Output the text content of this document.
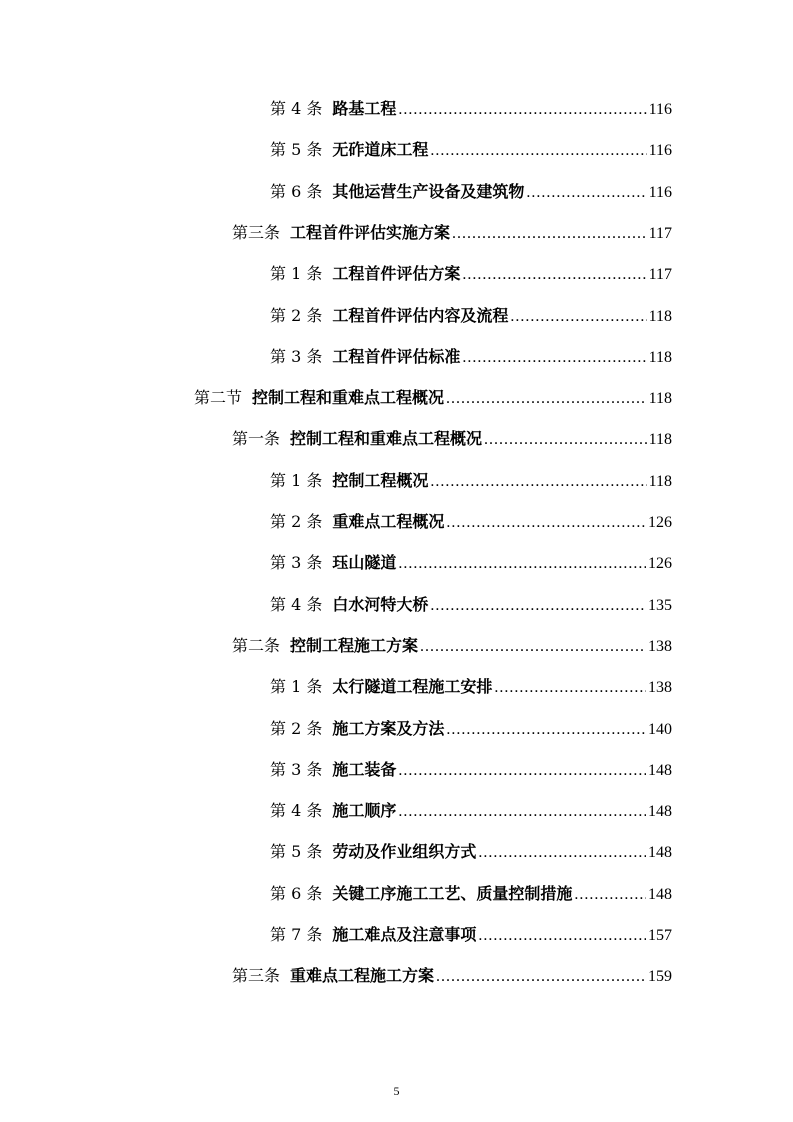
第 4 条 路基工程 .....	116
第 5 条 无砟道床工程 .....	116
第 6 条 其他运营生产设备及建筑物 .....	116
第三条 工程首件评估实施方案 .....	117
第 1 条 工程首件评估方案 .....	117
第 2 条 工程首件评估内容及流程 .....	118
第 3 条 工程首件评估标准 .....	118
第二节 控制工程和重难点工程概况 .....	118
第一条 控制工程和重难点工程概况 .....	118
第 1 条 控制工程概况 .....	118
第 2 条 重难点工程概况 .....	126
第 3 条 珏山隧道 .....	126
第 4 条 白水河特大桥 .....	135
第二条 控制工程施工方案 .....	138
第 1 条 太行隧道工程施工安排 .....	138
第 2 条 施工方案及方法 .....	140
第 3 条 施工装备 .....	148
第 4 条 施工顺序 .....	148
第 5 条 劳动及作业组织方式 .....	148
第 6 条 关键工序施工工艺、质量控制措施 .....	148
第 7 条 施工难点及注意事项 .....	157
第三条 重难点工程施工方案 .....	159
5
